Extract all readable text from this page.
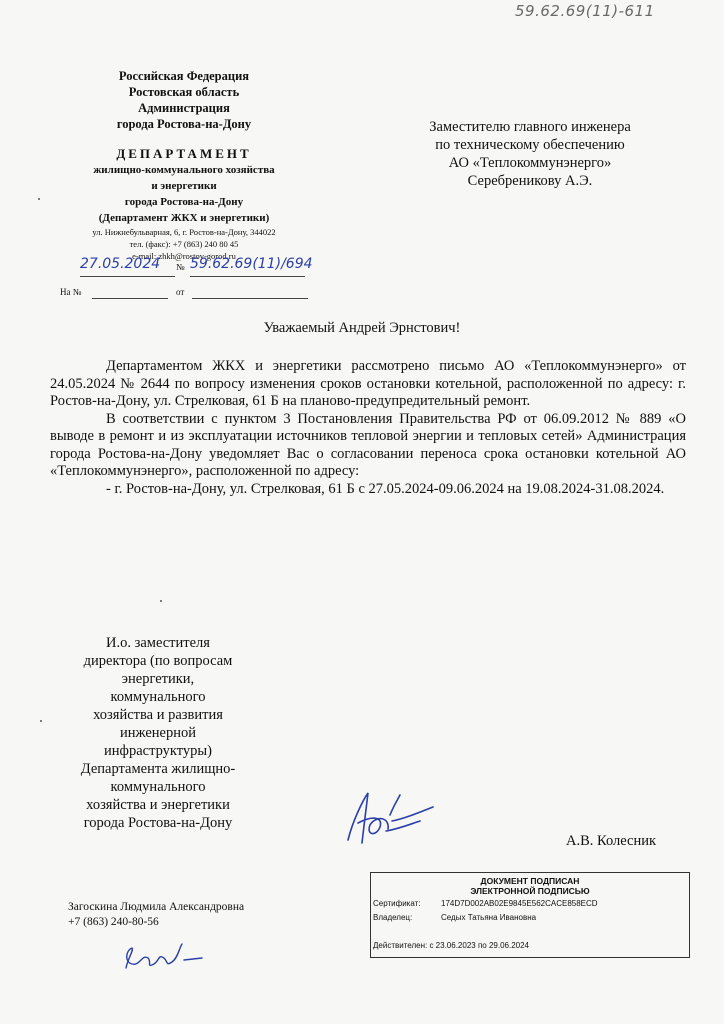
59.62.69(11)-611
Российская Федерация
Ростовская область
Администрация
города Ростова-на-Дону
ДЕПАРТАМЕНТ
жилищно-коммунального хозяйства
и энергетики
города Ростова-на-Дону
(Департамент ЖКХ и энергетики)
ул. Нижнебульварная, 6, г. Ростов-на-Дону, 344022
тел. (факс): +7 (863) 240 80 45
e-mail: zhkh@rostov-gorod.ru
27.05.2024 № 59.62.69(11)/694
На №	от
Заместителю главного инженера
по техническому обеспечению
АО «Теплокоммунэнерго»
Серебреникову А.Э.
Уважаемый Андрей Эрнстович!

Департаментом ЖКХ и энергетики рассмотрено письмо АО «Теплокоммунэнерго» от 24.05.2024 № 2644 по вопросу изменения сроков остановки котельной, расположенной по адресу: г. Ростов-на-Дону, ул. Стрелковая, 61 Б на планово-предупредительный ремонт.

В соответствии с пунктом 3 Постановления Правительства РФ от 06.09.2012 № 889 «О выводе в ремонт и из эксплуатации источников тепловой энергии и тепловых сетей» Администрация города Ростова-на-Дону уведомляет Вас о согласовании переноса срока остановки котельной АО «Теплокоммунэнерго», расположенной по адресу:

- г. Ростов-на-Дону, ул. Стрелковая, 61 Б с 27.05.2024-09.06.2024 на 19.08.2024-31.08.2024.

И.о. заместителя
директора (по вопросам
энергетики,
коммунального
хозяйства и развития
инженерной
инфраструктуры)
Департамента жилищно-
коммунального
хозяйства и энергетики
города Ростова-на-Дону
А.В. Колесник
Загоскина Людмила Александровна
+7 (863) 240-80-56
ДОКУМЕНТ ПОДПИСАН
ЭЛЕКТРОННОЙ ПОДПИСЬЮ
Сертификат:	174D7D002AB02E9845E562CACE858ECD
Владелец:	Седых Татьяна Ивановна
Действителен: с 23.06.2023 по 29.06.2024
